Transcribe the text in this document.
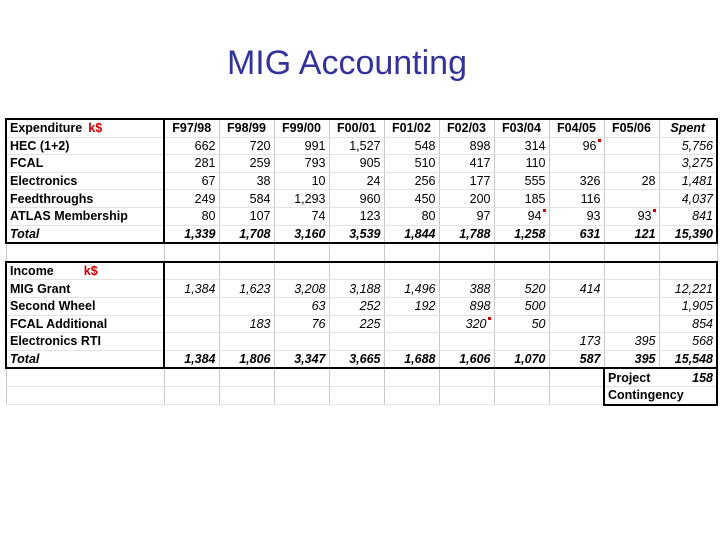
MIG Accounting
Expenditure k$	F97/98	F98/99	F99/00	F00/01	F01/02	F02/03	F03/04	F04/05	F05/06	Spent
HEC (1+2)	662	720	991	1,527	548	898	314	96		5,756
FCAL	281	259	793	905	510	417	110			3,275
Electronics	67	38	10	24	256	177	555	326	28	1,481
Feedthroughs	249	584	1,293	960	450	200	185	116		4,037
ATLAS Membership	80	107	74	123	80	97	94	93	93	841
Total	1,339	1,708	3,160	3,539	1,844	1,788	1,258	631	121	15,390

Income k$										
MIG Grant	1,384	1,623	3,208	3,188	1,496	388	520	414		12,221
Second Wheel			63	252	192	898	500			1,905
FCAL Additional		183	76	225		320	50			854
Electronics RTI								173	395	568
Total	1,384	1,806	3,347	3,665	1,688	1,606	1,070	587	395	15,548
									Project 158	

									Contingency	
